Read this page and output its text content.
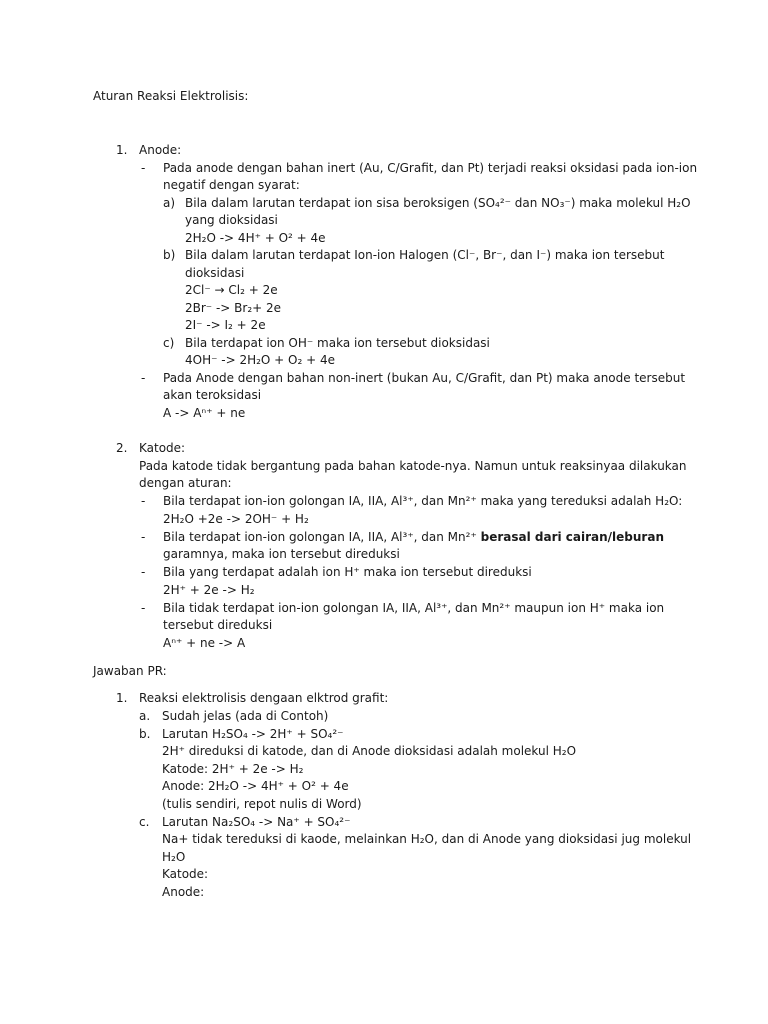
Aturan Reaksi Elektrolisis:
1. Anode:
- Pada anode dengan bahan inert (Au, C/Grafit, dan Pt) terjadi reaksi oksidasi pada ion-ion
negatif dengan syarat:
a) Bila dalam larutan terdapat ion sisa beroksigen (SO₄²⁻ dan NO₃⁻) maka molekul H₂O
yang dioksidasi
2H₂O -> 4H⁺ + O² + 4e
b) Bila dalam larutan terdapat Ion-ion Halogen (Cl⁻, Br⁻, dan I⁻) maka ion tersebut
dioksidasi
2Cl⁻ → Cl₂ + 2e
2Br⁻ -> Br₂+ 2e
2I⁻ -> I₂ + 2e
c) Bila terdapat ion OH⁻ maka ion tersebut dioksidasi
4OH⁻ -> 2H₂O + O₂ + 4e
- Pada Anode dengan bahan non-inert (bukan Au, C/Grafit, dan Pt) maka anode tersebut
akan teroksidasi
A -> Aⁿ⁺ + ne
2. Katode:
Pada katode tidak bergantung pada bahan katode-nya. Namun untuk reaksinyaa dilakukan
dengan aturan:
- Bila terdapat ion-ion golongan IA, IIA, Al³⁺, dan Mn²⁺ maka yang tereduksi adalah H₂O:
2H₂O +2e -> 2OH⁻ + H₂
- Bila terdapat ion-ion golongan IA, IIA, Al³⁺, dan Mn²⁺ berasal dari cairan/leburan
garamnya, maka ion tersebut direduksi
- Bila yang terdapat adalah ion H⁺ maka ion tersebut direduksi
2H⁺ + 2e -> H₂
- Bila tidak terdapat ion-ion golongan IA, IIA, Al³⁺, dan Mn²⁺ maupun ion H⁺ maka ion
tersebut direduksi
Aⁿ⁺ + ne -> A
Jawaban PR:
1. Reaksi elektrolisis dengaan elktrod grafit:
a. Sudah jelas (ada di Contoh)
b. Larutan H₂SO₄ -> 2H⁺ + SO₄²⁻
2H⁺ direduksi di katode, dan di Anode dioksidasi adalah molekul H₂O
Katode: 2H⁺ + 2e -> H₂
Anode: 2H₂O -> 4H⁺ + O² + 4e
(tulis sendiri, repot nulis di Word)
c. Larutan Na₂SO₄ -> Na⁺ + SO₄²⁻
Na+ tidak tereduksi di kaode, melainkan H₂O, dan di Anode yang dioksidasi jug molekul
H₂O
Katode:
Anode:
